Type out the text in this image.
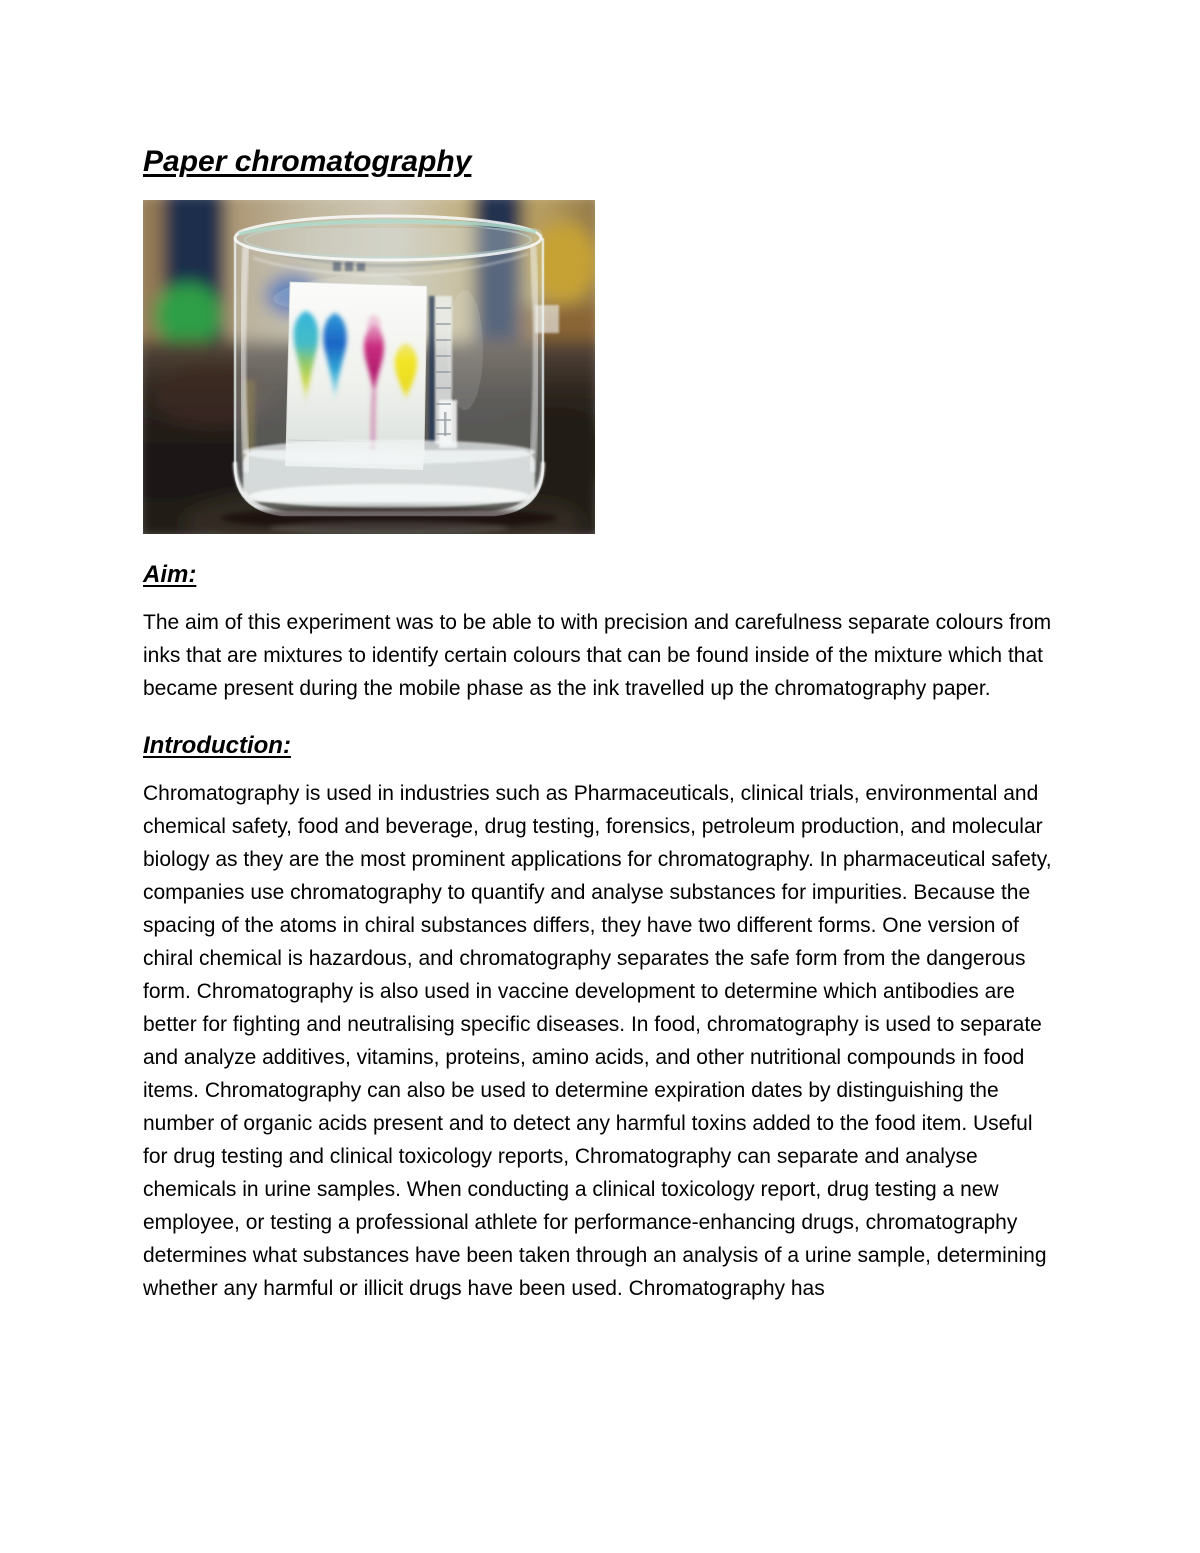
Paper chromatography
Aim:

The aim of this experiment was to be able to with precision and carefulness separate colours from inks that are mixtures to identify certain colours that can be found inside of the mixture which that became present during the mobile phase as the ink travelled up the chromatography paper.

Introduction:

Chromatography is used in industries such as Pharmaceuticals, clinical trials, environmental and chemical safety, food and beverage, drug testing, forensics, petroleum production, and molecular biology as they are the most prominent applications for chromatography. In pharmaceutical safety, companies use chromatography to quantify and analyse substances for impurities. Because the spacing of the atoms in chiral substances differs, they have two different forms. One version of chiral chemical is hazardous, and chromatography separates the safe form from the dangerous form. Chromatography is also used in vaccine development to determine which antibodies are better for fighting and neutralising specific diseases. In food, chromatography is used to separate and analyze additives, vitamins, proteins, amino acids, and other nutritional compounds in food items. Chromatography can also be used to determine expiration dates by distinguishing the number of organic acids present and to detect any harmful toxins added to the food item. Useful for drug testing and clinical toxicology reports, Chromatography can separate and analyse chemicals in urine samples. When conducting a clinical toxicology report, drug testing a new employee, or testing a professional athlete for performance-enhancing drugs, chromatography determines what substances have been taken through an analysis of a urine sample, determining whether any harmful or illicit drugs have been used. Chromatography has
